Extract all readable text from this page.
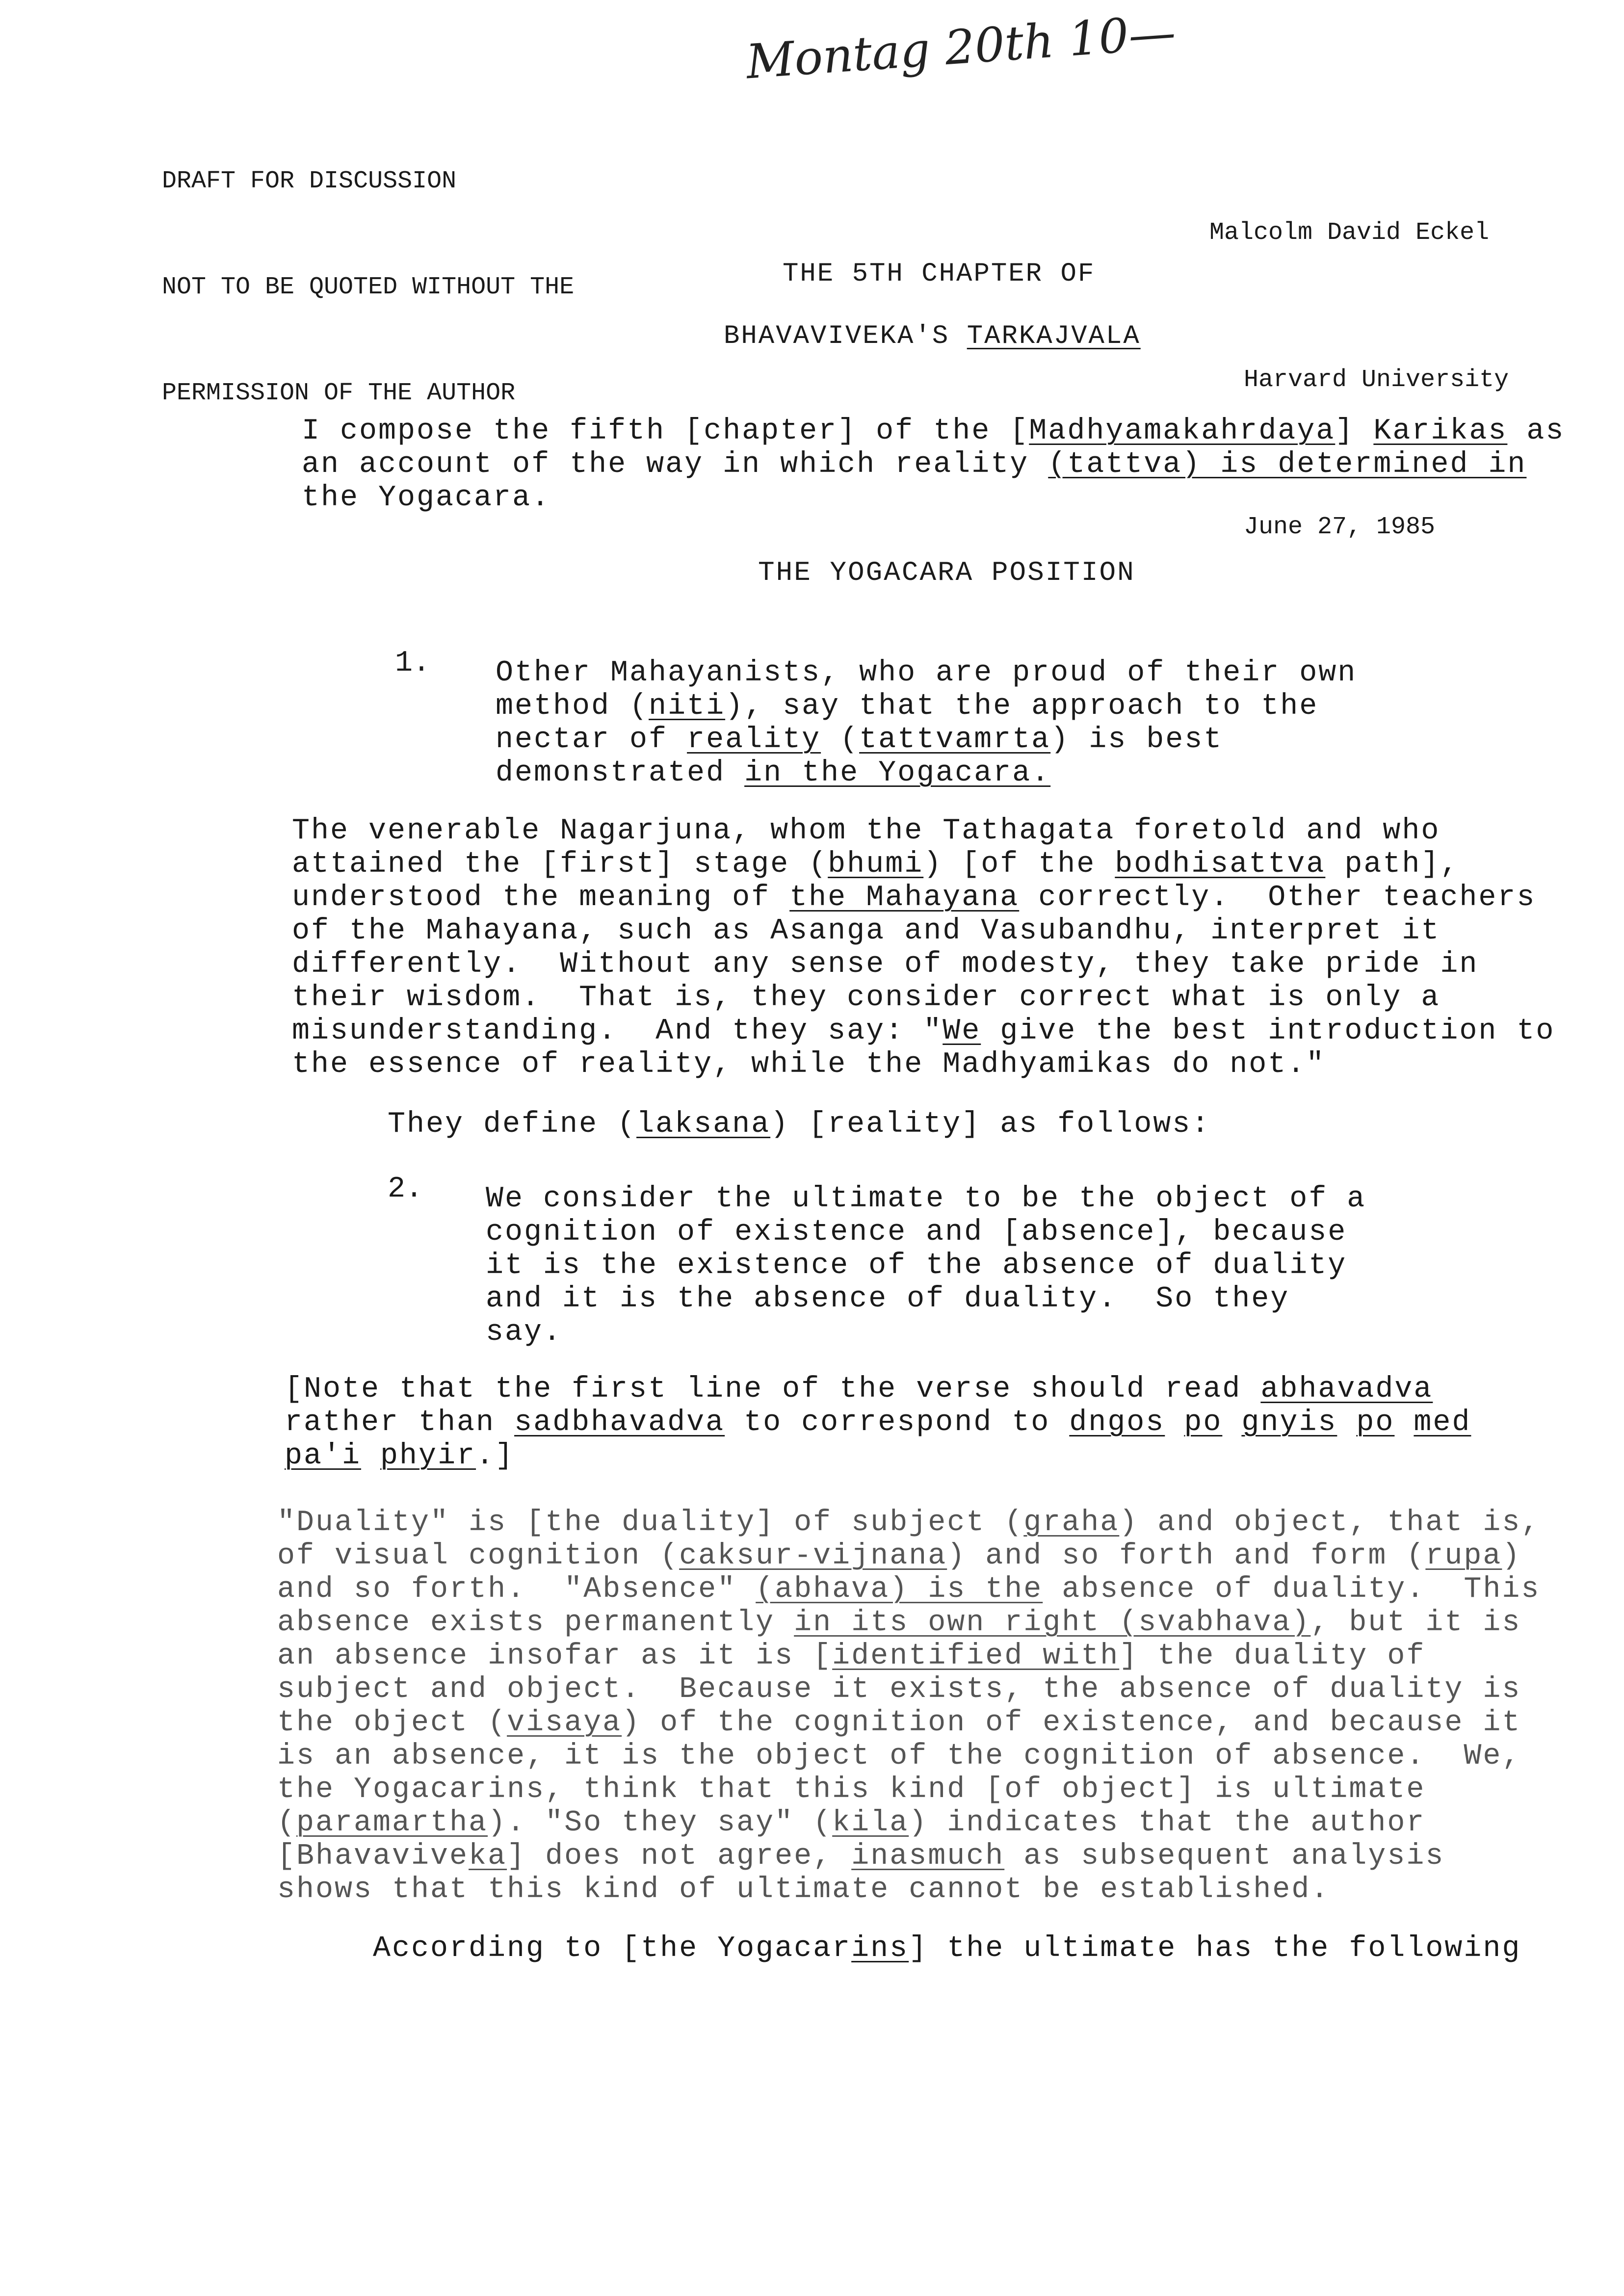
Montag 20th 10—

DRAFT FOR DISCUSSION

NOT TO BE QUOTED WITHOUT THE

PERMISSION OF THE AUTHOR

Malcolm David Eckel

Harvard University

June 27, 1985

THE 5TH CHAPTER OF
BHAVAVIVEKA'S TARKAJVALA
I compose the fifth [chapter] of the [Madhyamakahrdaya] Karikas as
an account of the way in which reality (tattva) is determined in
the Yogacara.
THE YOGACARA POSITION
1. Other Mahayanists, who are proud of their own
method (niti), say that the approach to the
nectar of reality (tattvamrta) is best
demonstrated in the Yogacara.
The venerable Nagarjuna, whom the Tathagata foretold and who
attained the [first] stage (bhumi) [of the bodhisattva path],
understood the meaning of the Mahayana correctly.  Other teachers
of the Mahayana, such as Asanga and Vasubandhu, interpret it
differently.  Without any sense of modesty, they take pride in
their wisdom.  That is, they consider correct what is only a
misunderstanding.  And they say: "We give the best introduction to
the essence of reality, while the Madhyamikas do not."
They define (laksana) [reality] as follows:
2. We consider the ultimate to be the object of a
cognition of existence and [absence], because
it is the existence of the absence of duality
and it is the absence of duality.  So they
say.
[Note that the first line of the verse should read abhavadva
rather than sadbhavadva to correspond to dngos po gnyis po med
pa'i phyir.]
"Duality" is [the duality] of subject (graha) and object, that is,
of visual cognition (caksur-vijnana) and so forth and form (rupa)
and so forth.  "Absence" (abhava) is the absence of duality.  This
absence exists permanently in its own right (svabhava), but it is
an absence insofar as it is [identified with] the duality of
subject and object.  Because it exists, the absence of duality is
the object (visaya) of the cognition of existence, and because it
is an absence, it is the object of the cognition of absence.  We,
the Yogacarins, think that this kind [of object] is ultimate
(paramartha). "So they say" (kila) indicates that the author
[Bhavaviveka] does not agree, inasmuch as subsequent analysis
shows that this kind of ultimate cannot be established.
According to [the Yogacarins] the ultimate has the following
